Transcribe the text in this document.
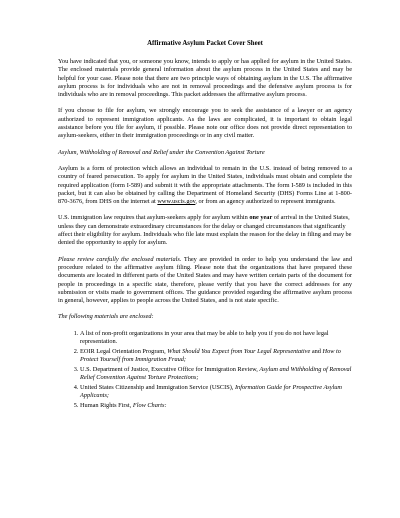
Affirmative Asylum Packet Cover Sheet

You have indicated that you, or someone you know, intends to apply or has applied for asylum in the United States. The enclosed materials provide general information about the asylum process in the United States and may be helpful for your case. Please note that there are two principle ways of obtaining asylum in the U.S. The affirmative asylum process is for individuals who are not in removal proceedings and the defensive asylum process is for individuals who are in removal proceedings. This packet addresses the affirmative asylum process.

If you choose to file for asylum, we strongly encourage you to seek the assistance of a lawyer or an agency authorized to represent immigration applicants. As the laws are complicated, it is important to obtain legal assistance before you file for asylum, if possible. Please note our office does not provide direct representation to asylum-seekers, either in their immigration proceedings or in any civil matter.

Asylum, Withholding of Removal and Relief under the Convention Against Torture

Asylum is a form of protection which allows an individual to remain in the U.S. instead of being removed to a country of feared persecution. To apply for asylum in the United States, individuals must obtain and complete the required application (form I-589) and submit it with the appropriate attachments. The form I-589 is included in this packet, but it can also be obtained by calling the Department of Homeland Security (DHS) Forms Line at 1-800-870-3676, from DHS on the internet at www.uscis.gov, or from an agency authorized to represent immigrants.

U.S. immigration law requires that asylum-seekers apply for asylum within one year of arrival in the United States, unless they can demonstrate extraordinary circumstances for the delay or changed circumstances that significantly affect their eligibility for asylum. Individuals who file late must explain the reason for the delay in filing and may be denied the opportunity to apply for asylum.

Please review carefully the enclosed materials. They are provided in order to help you understand the law and procedure related to the affirmative asylum filing. Please note that the organizations that have prepared these documents are located in different parts of the United States and may have written certain parts of the document for people in proceedings in a specific state, therefore, please verify that you have the correct addresses for any submission or visits made to government offices. The guidance provided regarding the affirmative asylum process in general, however, applies to people across the United States, and is not state specific.

The following materials are enclosed:
1. A list of non-profit organizations in your area that may be able to help you if you do not have legal representation.
2. EOIR Legal Orientation Program, What Should You Expect from Your Legal Representative and How to Protect Yourself from Immigration Fraud;
3. U.S. Department of Justice, Executive Office for Immigration Review, Asylum and Withholding of Removal Relief Convention Against Torture Protections;
4. United States Citizenship and Immigration Service (USCIS), Information Guide for Prospective Asylum Applicants;
5. Human Rights First, Flow Charts:
